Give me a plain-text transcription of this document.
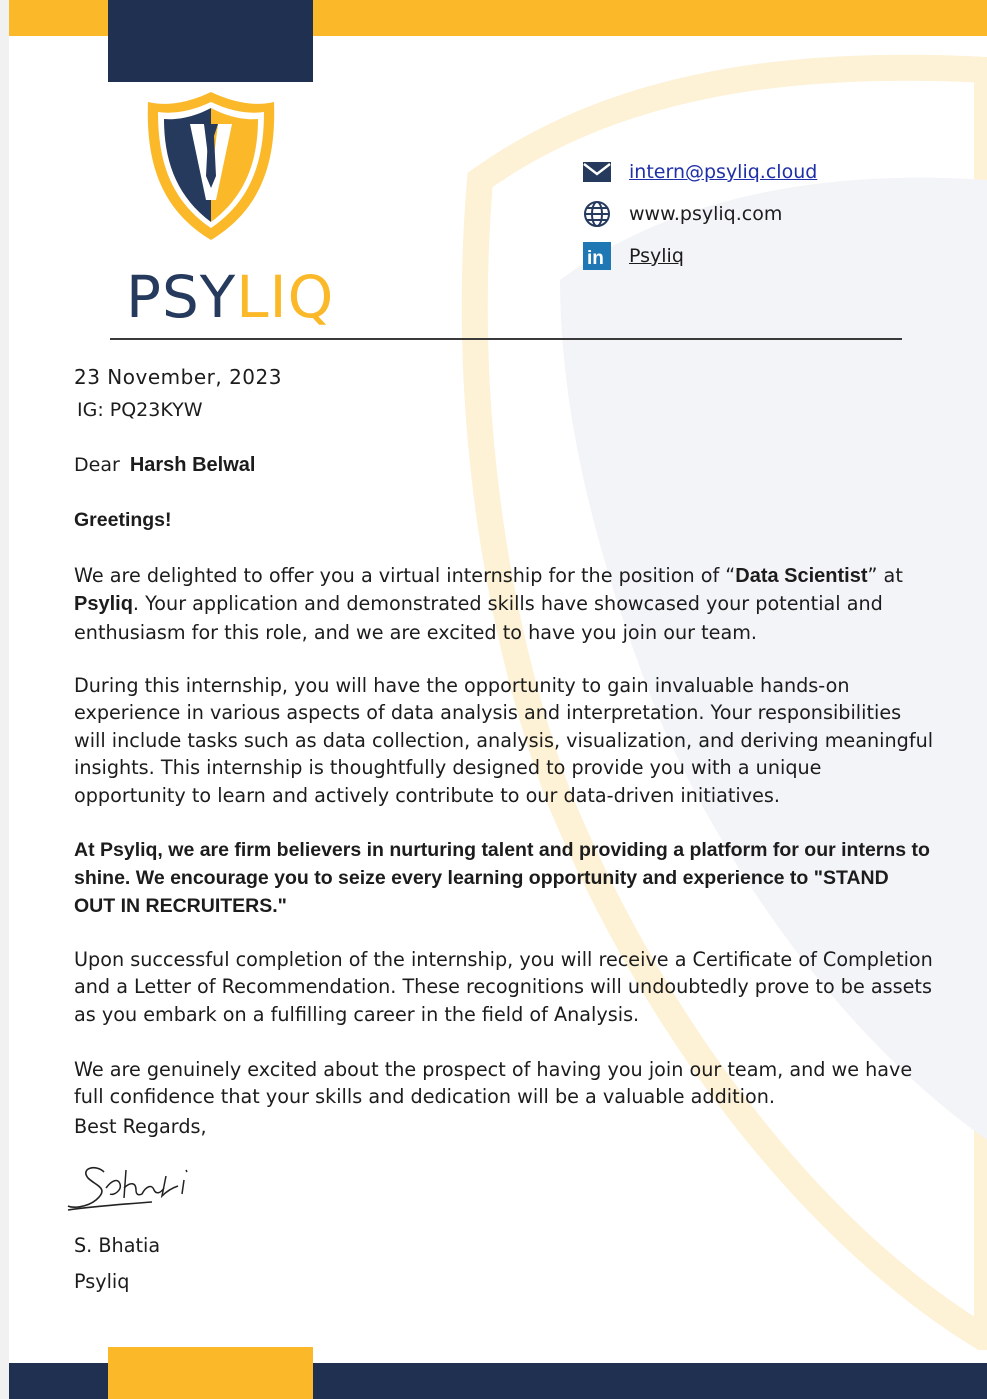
PSYLIQ
intern@psyliq.cloud
www.psyliq.com
in Psyliq
23 November, 2023
IG: PQ23KYW
Dear Harsh Belwal
Greetings!
We are delighted to offer you a virtual internship for the position of “Data Scientist” at
Psyliq. Your application and demonstrated skills have showcased your potential and enthusiasm for this role, and we are excited to have you join our team.
During this internship, you will have the opportunity to gain invaluable hands-on experience in various aspects of data analysis and interpretation. Your responsibilities will include tasks such as data collection, analysis, visualization, and deriving meaningful insights. This internship is thoughtfully designed to provide you with a unique opportunity to learn and actively contribute to our data-driven initiatives.
At Psyliq, we are firm believers in nurturing talent and providing a platform for our interns to shine. We encourage you to seize every learning opportunity and experience to "STAND OUT IN RECRUITERS."
Upon successful completion of the internship, you will receive a Certificate of Completion and a Letter of Recommendation. These recognitions will undoubtedly prove to be assets as you embark on a fulfilling career in the field of Analysis.
We are genuinely excited about the prospect of having you join our team, and we have full confidence that your skills and dedication will be a valuable addition.
Best Regards,
S. Bhatia
Psyliq
